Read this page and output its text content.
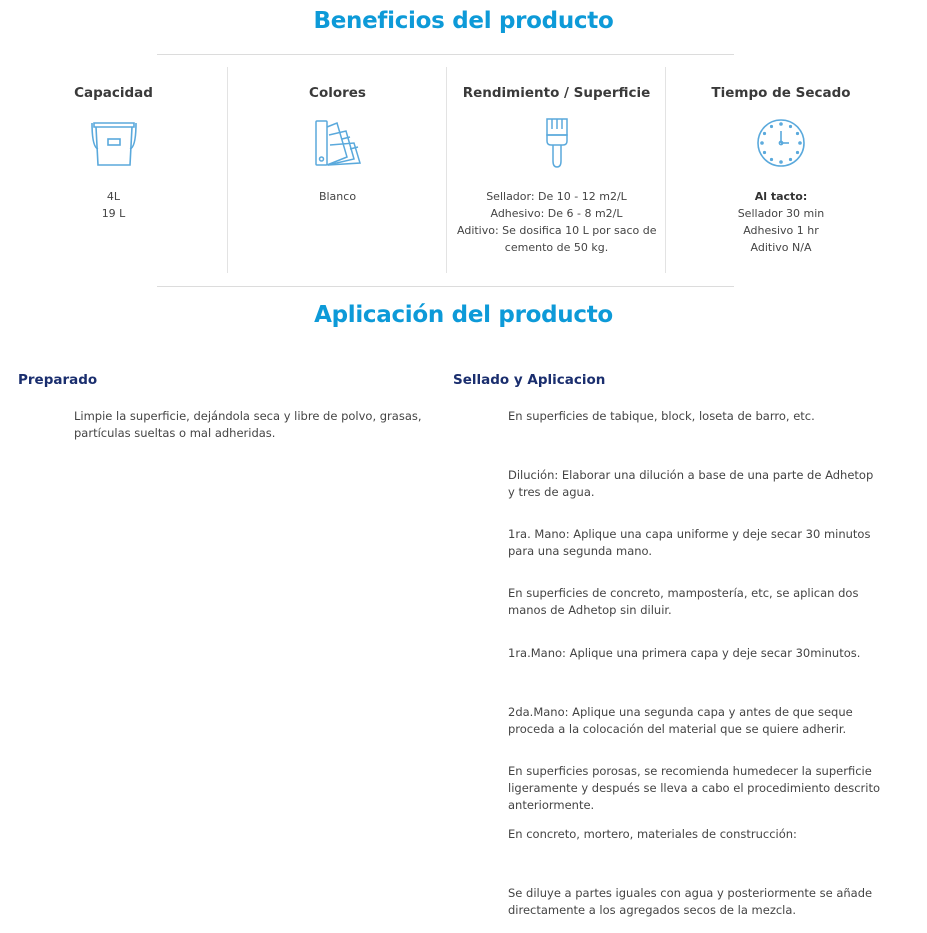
Beneficios del producto
Capacidad
4L
19 L
Colores
Blanco
Rendimiento / Superficie
Sellador: De 10 - 12 m2/L
Adhesivo: De 6 - 8 m2/L
Aditivo: Se dosifica 10 L por saco de
cemento de 50 kg.
Tiempo de Secado
Al tacto:
Sellador 30 min
Adhesivo 1 hr
Aditivo N/A
Aplicación del producto
Preparado
Limpie la superficie, dejándola seca y libre de polvo, grasas, partículas sueltas o mal adheridas.
Sellado y Aplicacion
En superficies de tabique, block, loseta de barro, etc.
Dilución: Elaborar una dilución a base de una parte de Adhetop y tres de agua.
1ra. Mano: Aplique una capa uniforme y deje secar 30 minutos para una segunda mano.
En superficies de concreto, mampostería, etc, se aplican dos manos de Adhetop sin diluir.
1ra.Mano: Aplique una primera capa y deje secar 30minutos.
2da.Mano: Aplique una segunda capa y antes de que seque proceda a la colocación del material que se quiere adherir.
En superficies porosas, se recomienda humedecer la superficie ligeramente y después se lleva a cabo el procedimiento descrito anteriormente.
En concreto, mortero, materiales de construcción:
Se diluye a partes iguales con agua y posteriormente se añade directamente a los agregados secos de la mezcla.
